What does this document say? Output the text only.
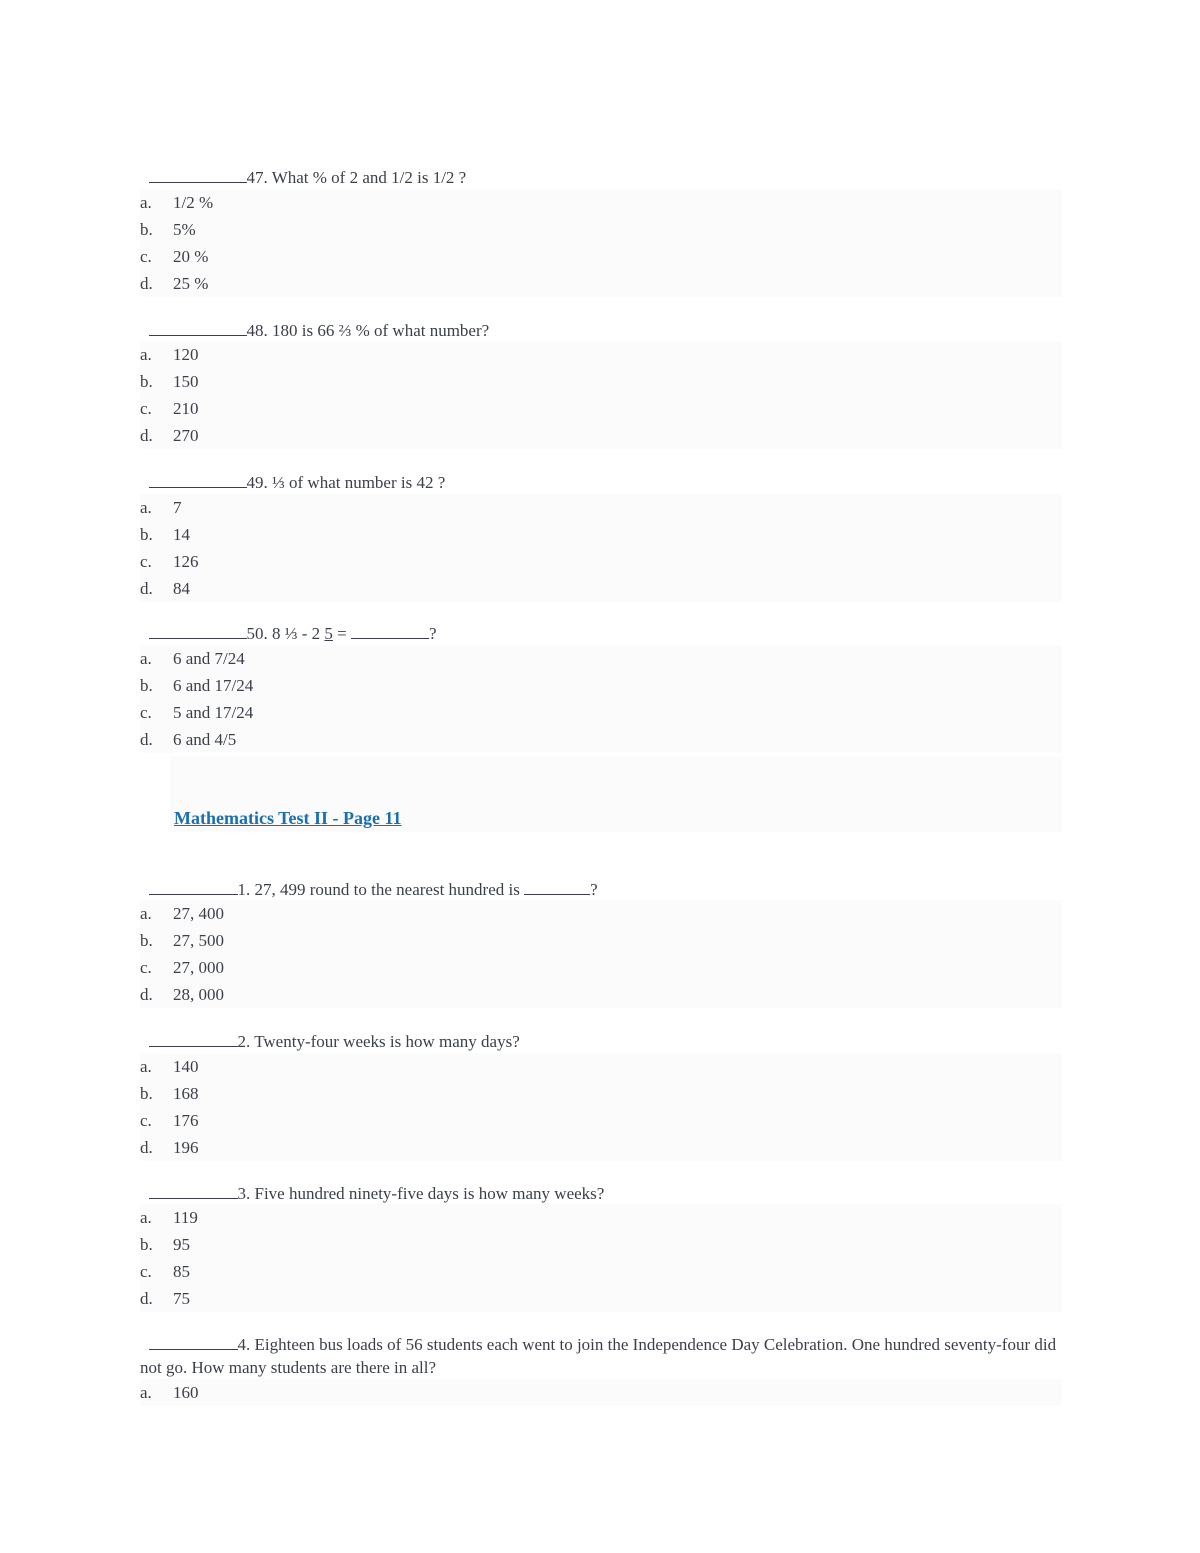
47. What % of 2 and 1/2 is 1/2 ?

a. 1/2 %
b. 5%
c. 20 %
d. 25 %

48. 180 is 66 ⅔ % of what number?

a. 120
b. 150
c. 210
d. 270

49. ⅓ of what number is 42 ?

a. 7
b. 14
c. 126
d. 84

50. 8 ⅓ - 2 5 =	?

a. 6 and 7/24
b. 6 and 17/24
c. 5 and 17/24
d. 6 and 4/5
Mathematics Test II - Page 11

1. 27, 499 round to the nearest hundred is	?

a. 27, 400
b. 27, 500
c. 27, 000
d. 28, 000

2. Twenty-four weeks is how many days?

a. 140
b. 168
c. 176
d. 196

3. Five hundred ninety-five days is how many weeks?

a. 119
b. 95
c. 85
d. 75

4. Eighteen bus loads of 56 students each went to join the Independence Day Celebration. One hundred seventy-four did not go. How many students are there in all?

a. 160
